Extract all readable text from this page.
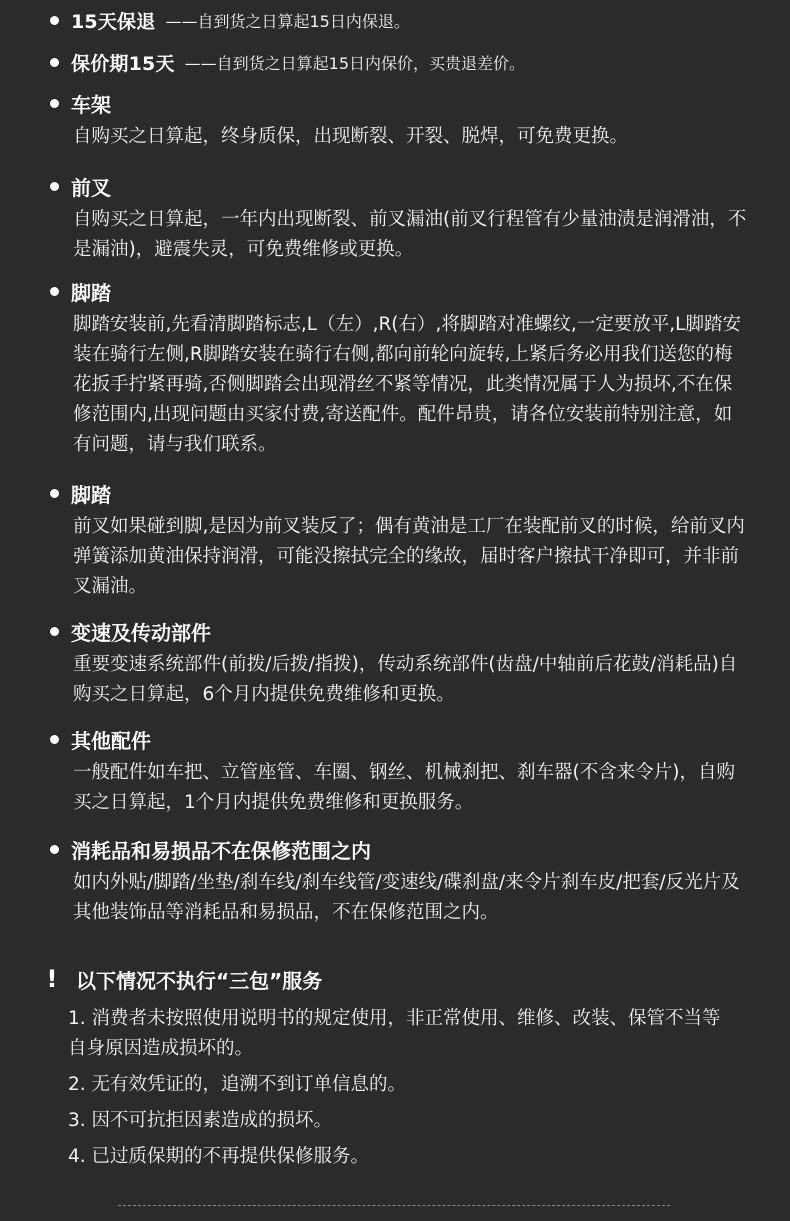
15天保退 ——自到货之日算起15日内保退。
保价期15天 ——自到货之日算起15日内保价，买贵退差价。
车架
自购买之日算起，终身质保，出现断裂、开裂、脱焊，可免费更换。
前叉
自购买之日算起，一年内出现断裂、前叉漏油(前叉行程管有少量油渍是润滑油，不是漏油)，避震失灵，可免费维修或更换。
脚踏
脚踏安装前,先看清脚踏标志,L（左）,R(右）,将脚踏对准螺纹,一定要放平,L脚踏安装在骑行左侧,R脚踏安装在骑行右侧,都向前轮向旋转,上紧后务必用我们送您的梅花扳手拧紧再骑,否侧脚踏会出现滑丝不紧等情况，此类情况属于人为损坏,不在保修范围内,出现问题由买家付费,寄送配件。配件昂贵，请各位安装前特别注意，如有问题，请与我们联系。
脚踏
前叉如果碰到脚,是因为前叉装反了；偶有黄油是工厂在装配前叉的时候，给前叉内弹簧添加黄油保持润滑，可能没擦拭完全的缘故，届时客户擦拭干净即可，并非前叉漏油。
变速及传动部件
重要变速系统部件(前拨/后拨/指拨)，传动系统部件(齿盘/中轴前后花鼓/消耗品)自购买之日算起，6个月内提供免费维修和更换。
其他配件
一般配件如车把、立管座管、车圈、钢丝、机械刹把、刹车器(不含来令片)，自购买之日算起，1个月内提供免费维修和更换服务。
消耗品和易损品不在保修范围之内
如内外贴/脚踏/坐垫/刹车线/刹车线管/变速线/碟刹盘/来令片刹车皮/把套/反光片及其他装饰品等消耗品和易损品，不在保修范围之内。
! 以下情况不执行“三包”服务
1. 消费者未按照使用说明书的规定使用，非正常使用、维修、改装、保管不当等自身原因造成损坏的。
2. 无有效凭证的，追溯不到订单信息的。
3. 因不可抗拒因素造成的损坏。
4. 已过质保期的不再提供保修服务。
